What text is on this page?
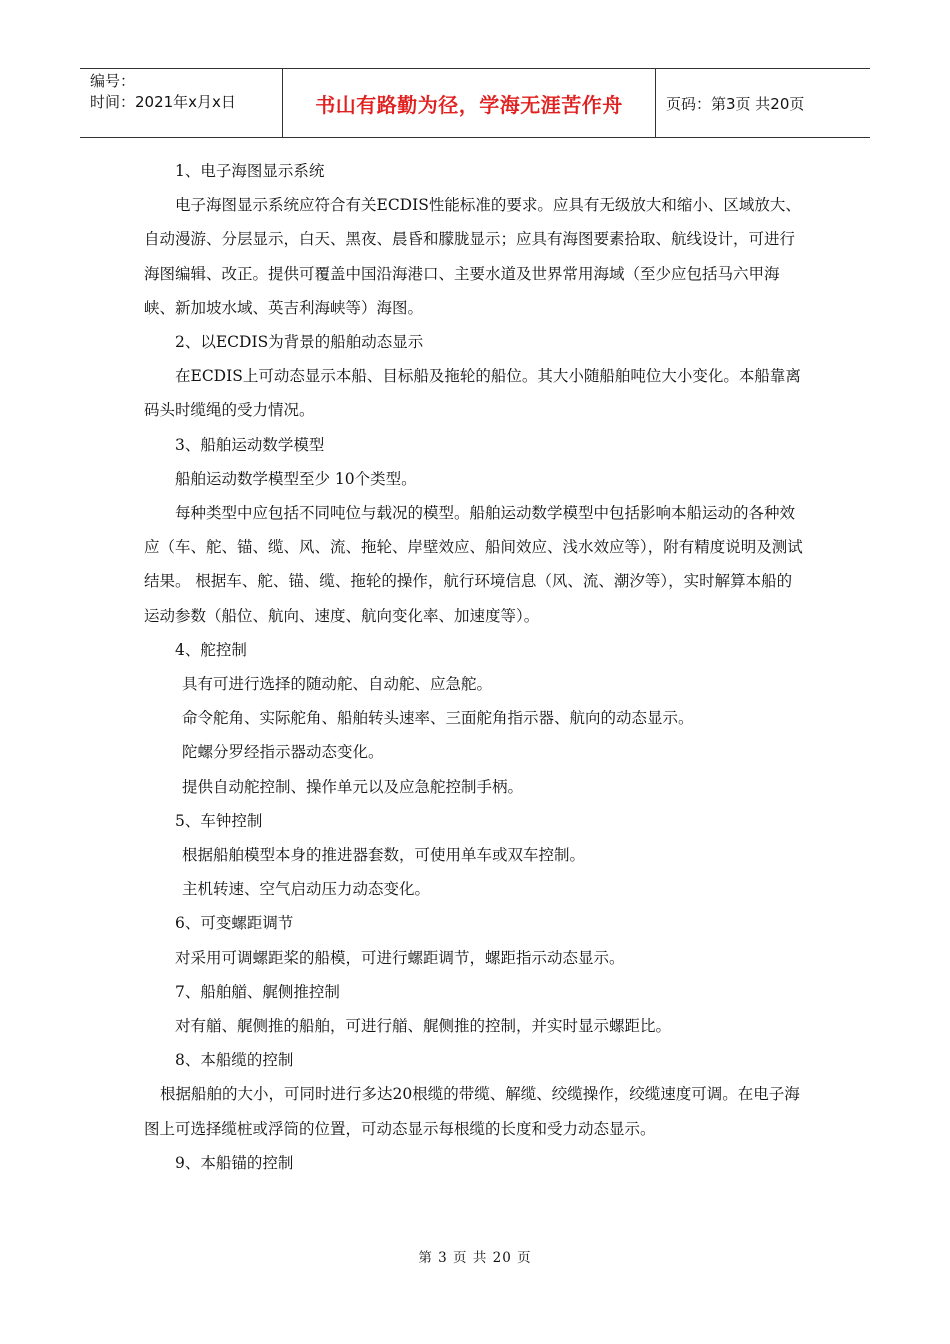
编号：
时间：2021年x月x日	书山有路勤为径，学海无涯苦作舟	页码：第3页 共20页

1、电子海图显示系统

电子海图显示系统应符合有关ECDIS性能标准的要求。应具有无级放大和缩小、区域放大、自动漫游、分层显示，白天、黑夜、晨昏和朦胧显示；应具有海图要素拾取、航线设计，可进行海图编辑、改正。提供可覆盖中国沿海港口、主要水道及世界常用海域（至少应包括马六甲海峡、新加坡水域、英吉利海峡等）海图。

2、以ECDIS为背景的船舶动态显示

在ECDIS上可动态显示本船、目标船及拖轮的船位。其大小随船舶吨位大小变化。本船靠离码头时缆绳的受力情况。

3、船舶运动数学模型

船舶运动数学模型至少 10个类型。

每种类型中应包括不同吨位与载况的模型。船舶运动数学模型中包括影响本船运动的各种效应（车、舵、锚、缆、风、流、拖轮、岸壁效应、船间效应、浅水效应等），附有精度说明及测试结果。 根据车、舵、锚、缆、拖轮的操作，航行环境信息（风、流、潮汐等），实时解算本船的运动参数（船位、航向、速度、航向变化率、加速度等）。

4、舵控制

具有可进行选择的随动舵、自动舵、应急舵。

命令舵角、实际舵角、船舶转头速率、三面舵角指示器、航向的动态显示。

陀螺分罗经指示器动态变化。

提供自动舵控制、操作单元以及应急舵控制手柄。

5、车钟控制

根据船舶模型本身的推进器套数，可使用单车或双车控制。

主机转速、空气启动压力动态变化。

6、可变螺距调节

对采用可调螺距桨的船模，可进行螺距调节，螺距指示动态显示。

7、船舶艏、艉侧推控制

对有艏、艉侧推的船舶，可进行艏、艉侧推的控制，并实时显示螺距比。

8、本船缆的控制

根据船舶的大小，可同时进行多达20根缆的带缆、解缆、绞缆操作，绞缆速度可调。在电子海图上可选择缆桩或浮筒的位置，可动态显示每根缆的长度和受力动态显示。

9、本船锚的控制

第 3 页 共 20 页
